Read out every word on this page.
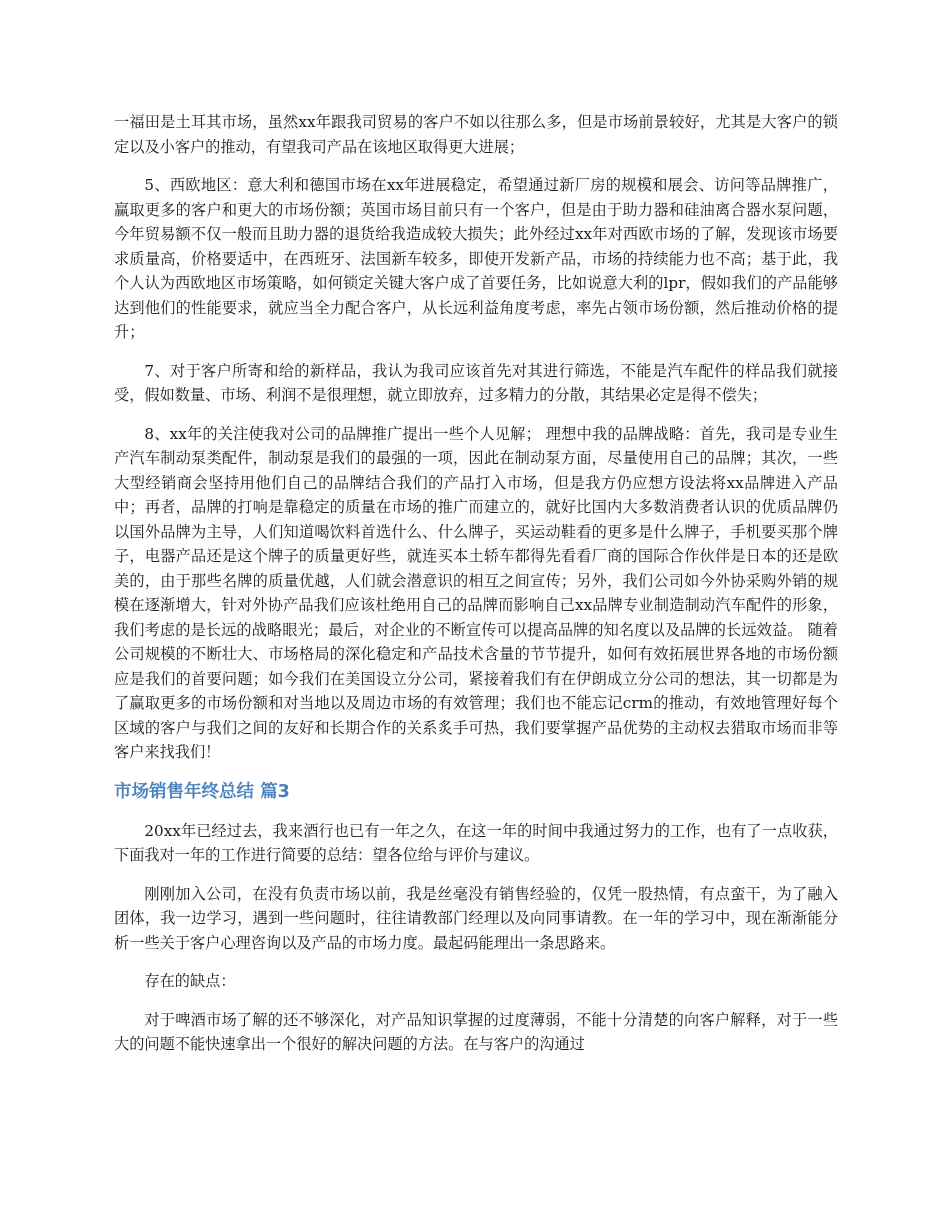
一福田是土耳其市场，虽然xx年跟我司贸易的客户不如以往那么多，但是市场前景较好，尤其是大客户的锁定以及小客户的推动，有望我司产品在该地区取得更大进展；

5、西欧地区：意大利和德国市场在xx年进展稳定，希望通过新厂房的规模和展会、访问等品牌推广，赢取更多的客户和更大的市场份额；英国市场目前只有一个客户，但是由于助力器和硅油离合器水泵问题，今年贸易额不仅一般而且助力器的退货给我造成较大损失；此外经过xx年对西欧市场的了解，发现该市场要求质量高，价格要适中，在西班牙、法国新车较多，即使开发新产品，市场的持续能力也不高；基于此，我个人认为西欧地区市场策略，如何锁定关键大客户成了首要任务，比如说意大利的lpr，假如我们的产品能够达到他们的性能要求，就应当全力配合客户，从长远利益角度考虑，率先占领市场份额，然后推动价格的提升；

7、对于客户所寄和给的新样品，我认为我司应该首先对其进行筛选，不能是汽车配件的样品我们就接受，假如数量、市场、利润不是很理想，就立即放弃，过多精力的分散，其结果必定是得不偿失；

8、xx年的关注使我对公司的品牌推广提出一些个人见解； 理想中我的品牌战略：首先，我司是专业生产汽车制动泵类配件，制动泵是我们的最强的一项，因此在制动泵方面，尽量使用自己的品牌；其次，一些大型经销商会坚持用他们自己的品牌结合我们的产品打入市场，但是我方仍应想方设法将xx品牌进入产品中；再者，品牌的打响是靠稳定的质量在市场的推广而建立的，就好比国内大多数消费者认识的优质品牌仍以国外品牌为主导，人们知道喝饮料首选什么、什么牌子，买运动鞋看的更多是什么牌子，手机要买那个牌子，电器产品还是这个牌子的质量更好些，就连买本土轿车都得先看看厂商的国际合作伙伴是日本的还是欧美的，由于那些名牌的质量优越，人们就会潜意识的相互之间宣传；另外，我们公司如今外协采购外销的规模在逐渐增大，针对外协产品我们应该杜绝用自己的品牌而影响自己xx品牌专业制造制动汽车配件的形象，我们考虑的是长远的战略眼光；最后，对企业的不断宣传可以提高品牌的知名度以及品牌的长远效益。 随着公司规模的不断壮大、市场格局的深化稳定和产品技术含量的节节提升，如何有效拓展世界各地的市场份额应是我们的首要问题；如今我们在美国设立分公司，紧接着我们有在伊朗成立分公司的想法，其一切都是为了赢取更多的市场份额和对当地以及周边市场的有效管理；我们也不能忘记crm的推动，有效地管理好每个区域的客户与我们之间的友好和长期合作的关系炙手可热，我们要掌握产品优势的主动权去猎取市场而非等客户来找我们！

市场销售年终总结 篇3

20xx年已经过去，我来酒行也已有一年之久，在这一年的时间中我通过努力的工作，也有了一点收获，下面我对一年的工作进行简要的总结：望各位给与评价与建议。

刚刚加入公司，在没有负责市场以前，我是丝毫没有销售经验的，仅凭一股热情，有点蛮干，为了融入团体，我一边学习，遇到一些问题时，往往请教部门经理以及向同事请教。在一年的学习中，现在渐渐能分析一些关于客户心理咨询以及产品的市场力度。最起码能理出一条思路来。

存在的缺点：

对于啤酒市场了解的还不够深化，对产品知识掌握的过度薄弱，不能十分清楚的向客户解释，对于一些大的问题不能快速拿出一个很好的解决问题的方法。在与客户的沟通过
